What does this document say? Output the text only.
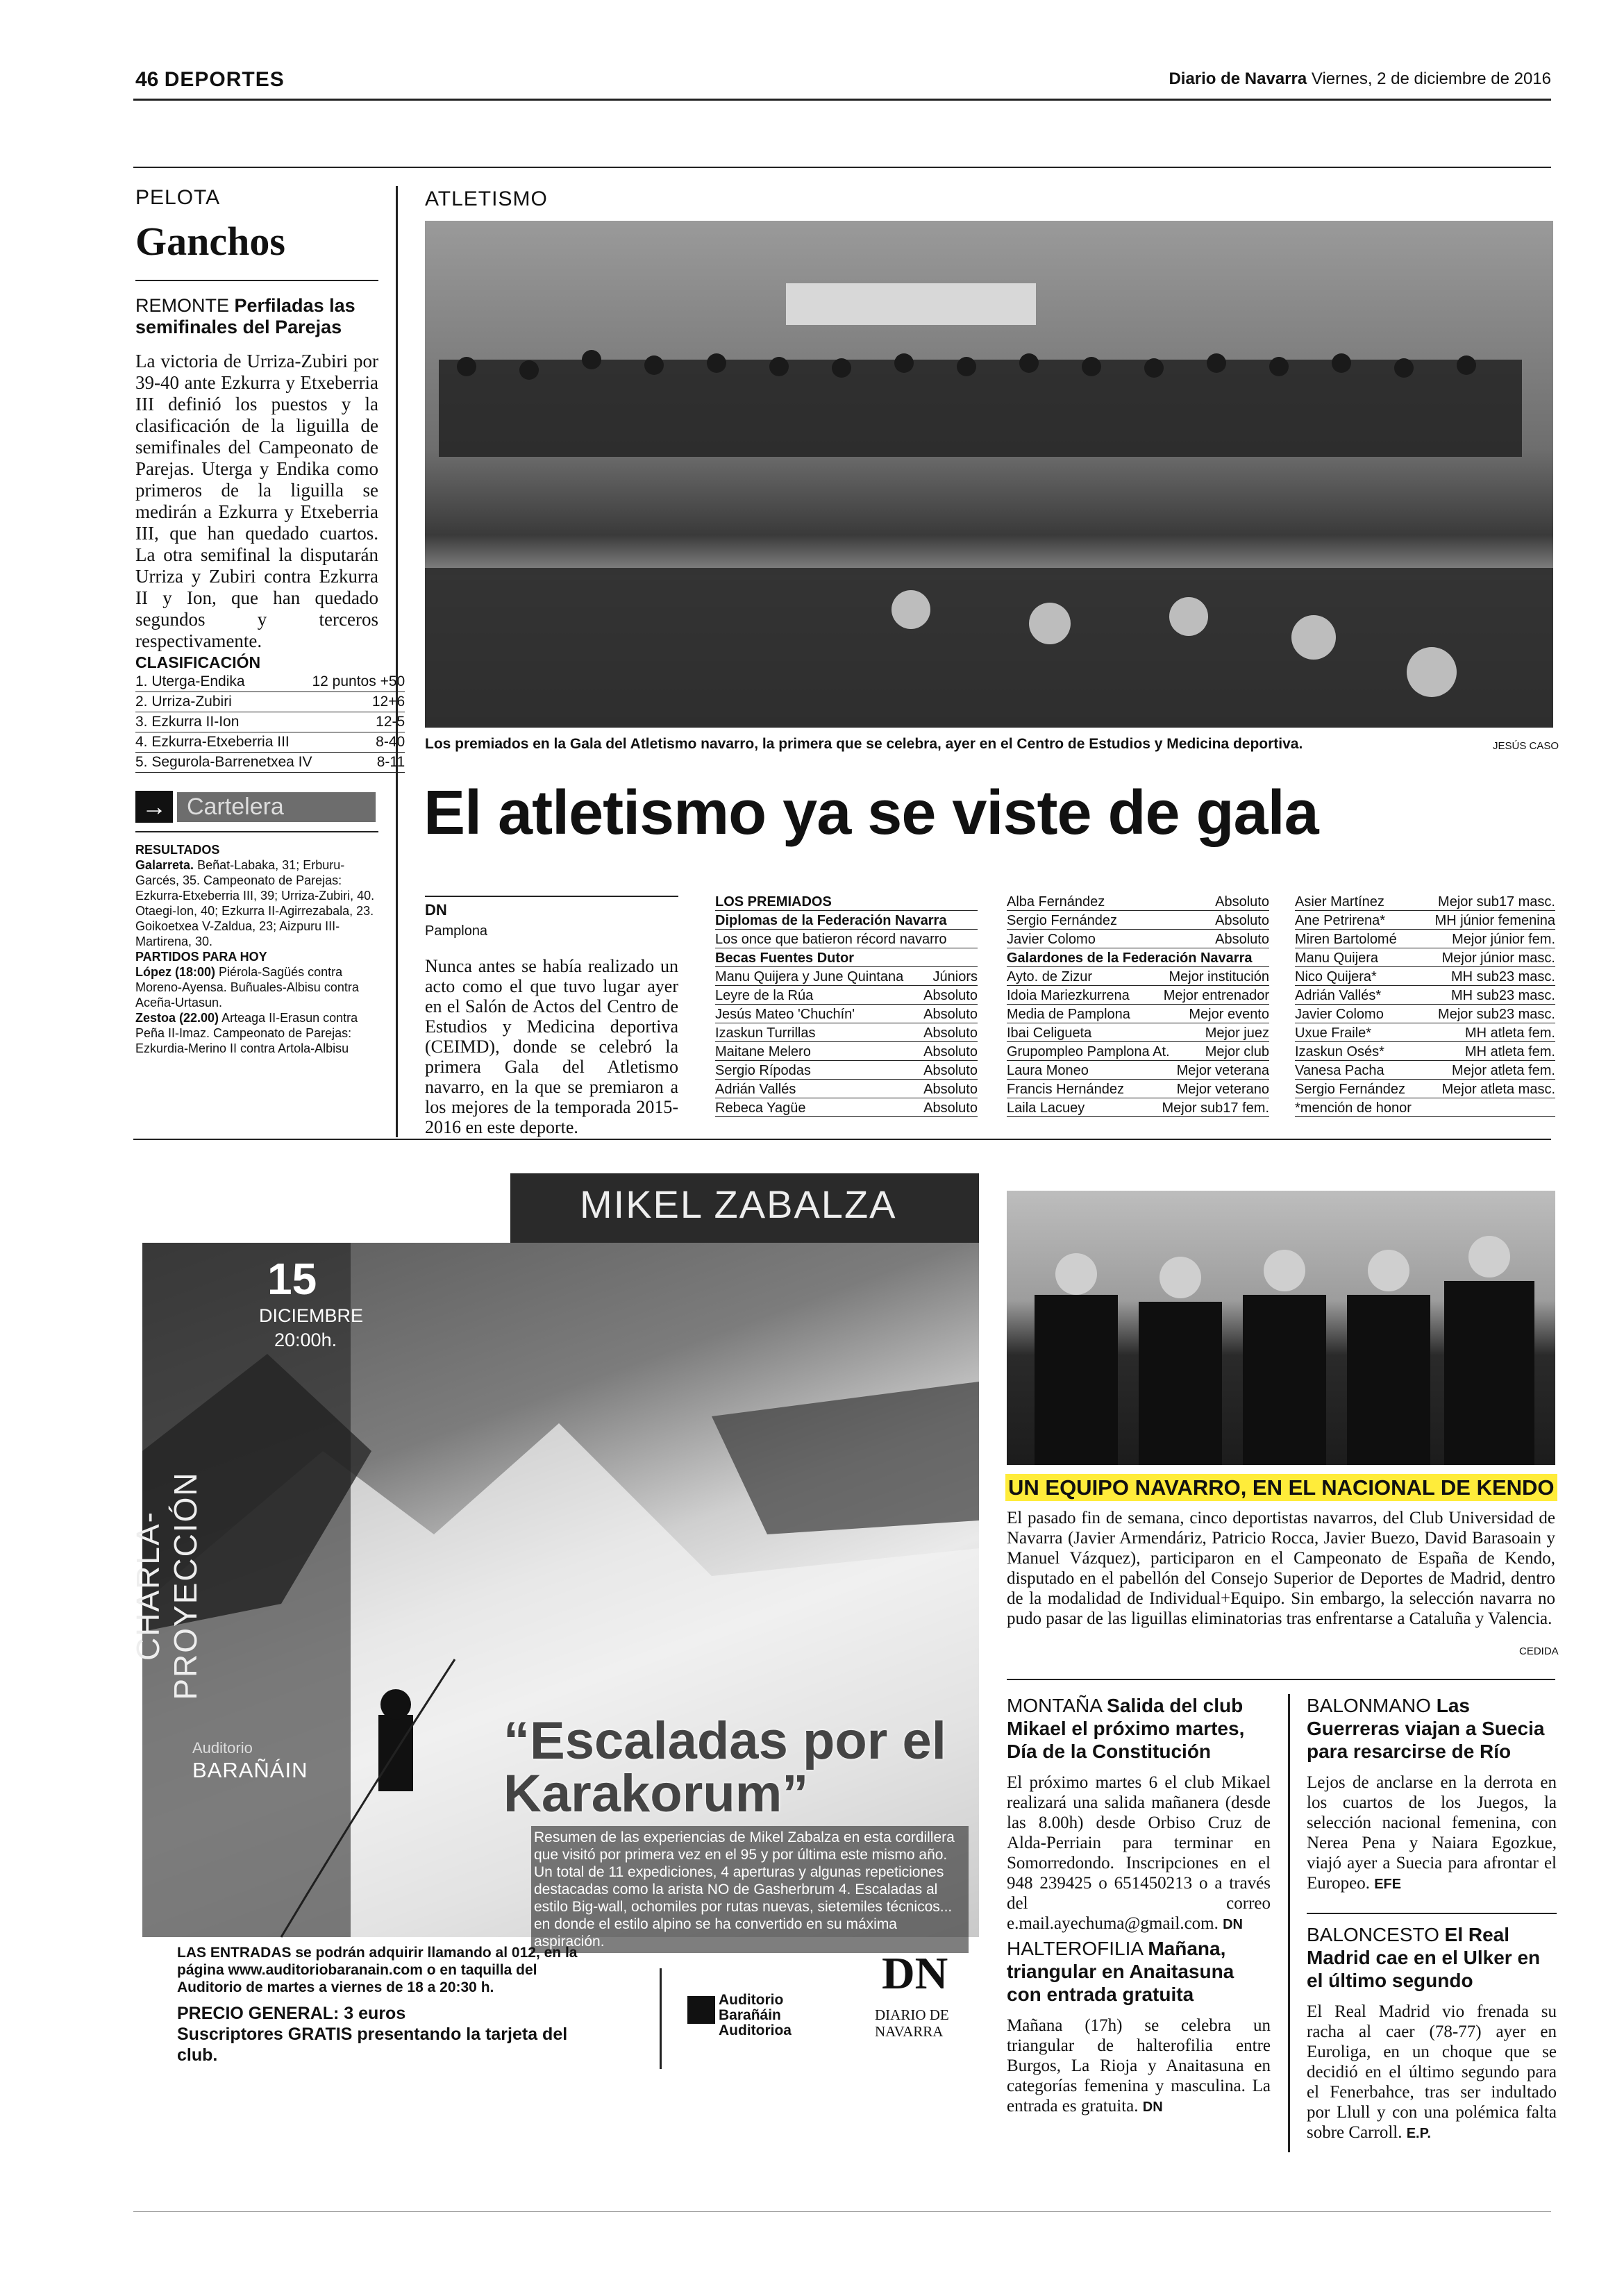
46 DEPORTES	Diario de Navarra Viernes, 2 de diciembre de 2016
PELOTA
Ganchos
REMONTE Perfiladas las semifinales del Parejas
La victoria de Urriza-Zubiri por 39-40 ante Ezkurra y Etxeberria III definió los puestos y la clasificación de la liguilla de semifinales del Campeonato de Parejas. Uterga y Endika como primeros de la liguilla se medirán a Ezkurra y Etxeberria III, que han quedado cuartos. La otra semifinal la disputarán Urriza y Zubiri contra Ezkurra II y Ion, que han quedado segundos y terceros respectivamente.
CLASIFICACIÓN
1. Uterga-Endika	12 puntos +50
2. Urriza-Zubiri	12+6
3. Ezkurra II-Ion	12-5
4. Ezkurra-Etxeberria III	8-40
5. Segurola-Barrenetxea IV	8-11
→ Cartelera
RESULTADOS
Galarreta. Beñat-Labaka, 31; Erburu-Garcés, 35. Campeonato de Parejas: Ezkurra-Etxeberria III, 39; Urriza-Zubiri, 40. Otaegi-Ion, 40; Ezkurra II-Agirrezabala, 23. Goikoetxea V-Zaldua, 23; Aizpuru III-Martirena, 30.
PARTIDOS PARA HOY
López (18:00) Piérola-Sagüés contra Moreno-Ayensa. Buñuales-Albisu contra Aceña-Urtasun.
Zestoa (22.00) Arteaga II-Erasun contra Peña II-Imaz. Campeonato de Parejas: Ezkurdia-Merino II contra Artola-Albisu
ATLETISMO
Los premiados en la Gala del Atletismo navarro, la primera que se celebra, ayer en el Centro de Estudios y Medicina deportiva.	JESÚS CASO
El atletismo ya se viste de gala
DN
Pamplona
Nunca antes se había realizado un acto como el que tuvo lugar ayer en el Salón de Actos del Centro de Estudios y Medicina deportiva (CEIMD), donde se celebró la primera Gala del Atletismo navarro, en la que se premiaron a los mejores de la temporada 2015-2016 en este deporte.
LOS PREMIADOS
Diplomas de la Federación Navarra
Los once que batieron récord navarro
Becas Fuentes Dutor
Manu Quijera y June Quintana Júniors
Leyre de la Rúa	Absoluto
Jesús Mateo 'Chuchín'	Absoluto
Izaskun Turrillas	Absoluto
Maitane Melero	Absoluto
Sergio Rípodas	Absoluto
Adrián Vallés	Absoluto
Rebeca Yagüe	Absoluto
Alba Fernández	Absoluto
Sergio Fernández	Absoluto
Javier Colomo	Absoluto
Galardones de la Federación Navarra
Ayto. de Zizur	Mejor institución
Idoia Mariezkurrena Mejor entrenador
Media de Pamplona	Mejor evento
Ibai Celigueta	Mejor juez
Grupompleo Pamplona At.	Mejor club
Laura Moneo	Mejor veterana
Francis Hernández	Mejor veterano
Laila Lacuey	Mejor sub17 fem.
Asier Martínez	Mejor sub17 masc.
Ane Petrirena*	MH júnior femenina
Miren Bartolomé	Mejor júnior fem.
Manu Quijera	Mejor júnior masc.
Nico Quijera*	MH sub23 masc.
Adrián Vallés*	MH sub23 masc.
Javier Colomo	Mejor sub23 masc.
Uxue Fraile*	MH atleta fem.
Izaskun Osés*	MH atleta fem.
Vanesa Pacha	Mejor atleta fem.
Sergio Fernández	Mejor atleta masc.
*mención de honor
MIKEL ZABALZA
15
DICIEMBRE
20:00h.
CHARLA-PROYECCIÓN
Auditorio
BARAÑÁIN	“Escaladas por el Karakorum”
Resumen de las experiencias de Mikel Zabalza en esta cordillera que visitó por primera vez en el 95 y por última este mismo año. Un total de 11 expediciones, 4 aperturas y algunas repeticiones destacadas como la arista NO de Gasherbrum 4. Escaladas al estilo Big-wall, ochomiles por rutas nuevas, sietemiles técnicos... en donde el estilo alpino se ha convertido en su máxima aspiración.
LAS ENTRADAS se podrán adquirir llamando al 012, en la página www.auditoriobaranain.com o en taquilla del Auditorio de martes a viernes de 18 a 20:30 h.
PRECIO GENERAL: 3 euros
Suscriptores GRATIS presentando la tarjeta del club.
Auditorio Barañáin Auditorioa
DN
DIARIO DE NAVARRA
UN EQUIPO NAVARRO, EN EL NACIONAL DE KENDO
El pasado fin de semana, cinco deportistas navarros, del Club Universidad de Navarra (Javier Armendáriz, Patricio Rocca, Javier Buezo, David Barasoain y Manuel Vázquez), participaron en el Campeonato de España de Kendo, disputado en el pabellón del Consejo Superior de Deportes de Madrid, dentro de la modalidad de Individual+Equipo. Sin embargo, la selección navarra no pudo pasar de las liguillas eliminatorias tras enfrentarse a Cataluña y Valencia.
CEDIDA
MONTAÑA Salida del club Mikael el próximo martes, Día de la Constitución
El próximo martes 6 el club Mikael realizará una salida mañanera (desde las 8.00h) desde Orbiso Cruz de Alda-Perriain para terminar en Somorredondo. Inscripciones en el 948 239425 o 651450213 o a través del correo e.mail.ayechuma@gmail.com. DN
HALTEROFILIA Mañana, triangular en Anaitasuna con entrada gratuita
Mañana (17h) se celebra un triangular de halterofilia entre Burgos, La Rioja y Anaitasuna en categorías femenina y masculina. La entrada es gratuita. DN
BALONMANO Las Guerreras viajan a Suecia para resarcirse de Río
Lejos de anclarse en la derrota en los cuartos de los Juegos, la selección nacional femenina, con Nerea Pena y Naiara Egozkue, viajó ayer a Suecia para afrontar el Europeo. EFE
BALONCESTO El Real Madrid cae en el Ulker en el último segundo
El Real Madrid vio frenada su racha al caer (78-77) ayer en Euroliga, en un choque que se decidió en el último segundo para el Fenerbahce, tras ser indultado por Llull y con una polémica falta sobre Carroll. E.P.
